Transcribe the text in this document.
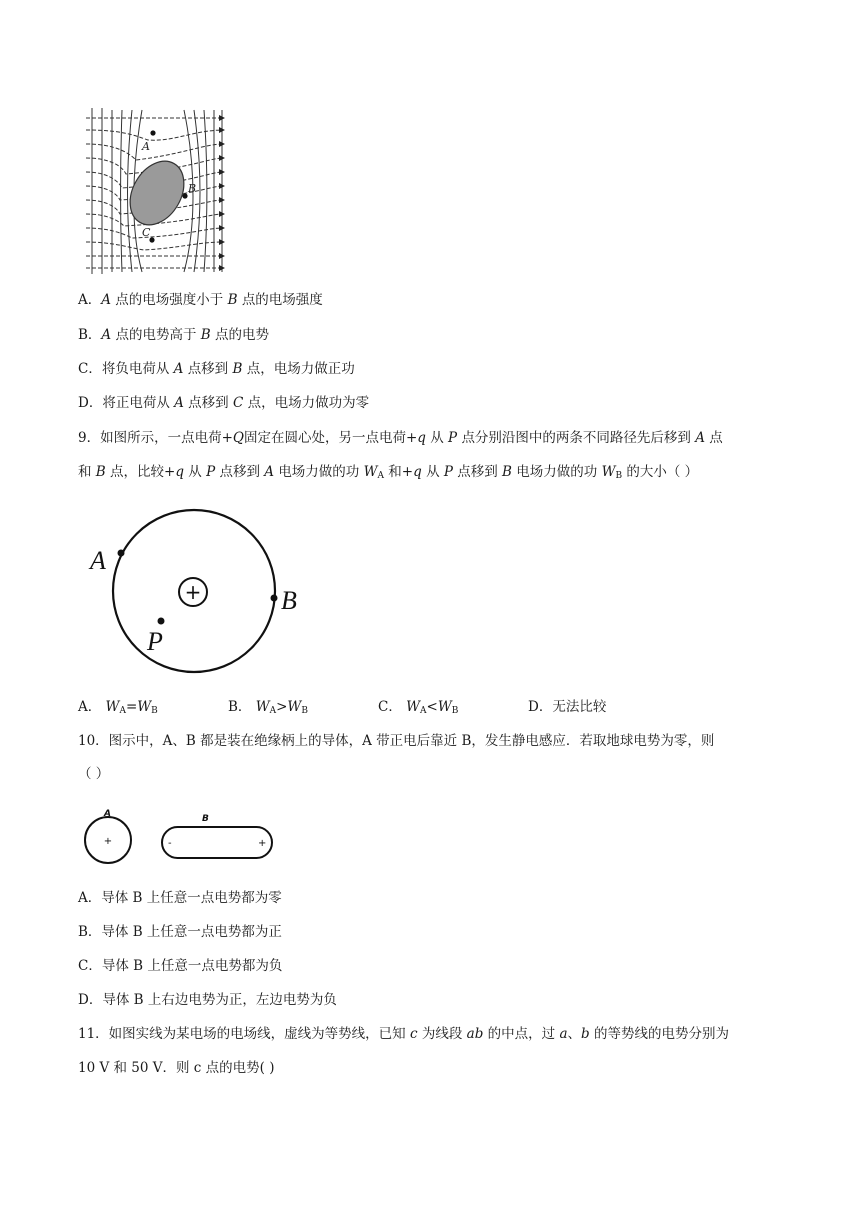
A
B
C
A．A 点的电场强度小于 B 点的电场强度
B．A 点的电势高于 B 点的电势
C．将负电荷从 A 点移到 B 点，电场力做正功
D．将正电荷从 A 点移到 C 点，电场力做功为零
9．如图所示，一点电荷+Q固定在圆心处，另一点电荷+q 从 P 点分别沿图中的两条不同路径先后移到 A 点
和 B 点，比较+q 从 P 点移到 A 电场力做的功 $W_A$ 和+q 从 P 点移到 B 电场力做的功 $W_B$ 的大小（ ）
+
A
B
P
A． $W_A=W_B$	B． $W_A>W_B$	C． $W_A<W_B$	D．无法比较
10．图示中，A、B 都是装在绝缘柄上的导体，A 带正电后靠近 B，发生静电感应．若取地球电势为零，则
（ ）
A
+
B
-	+
A．导体 B 上任意一点电势都为零
B．导体 B 上任意一点电势都为正
C．导体 B 上任意一点电势都为负
D．导体 B 上右边电势为正，左边电势为负
11．如图实线为某电场的电场线，虚线为等势线，已知 c 为线段 ab 的中点，过 a、b 的等势线的电势分别为
10 V 和 50 V．则 c 点的电势( )
